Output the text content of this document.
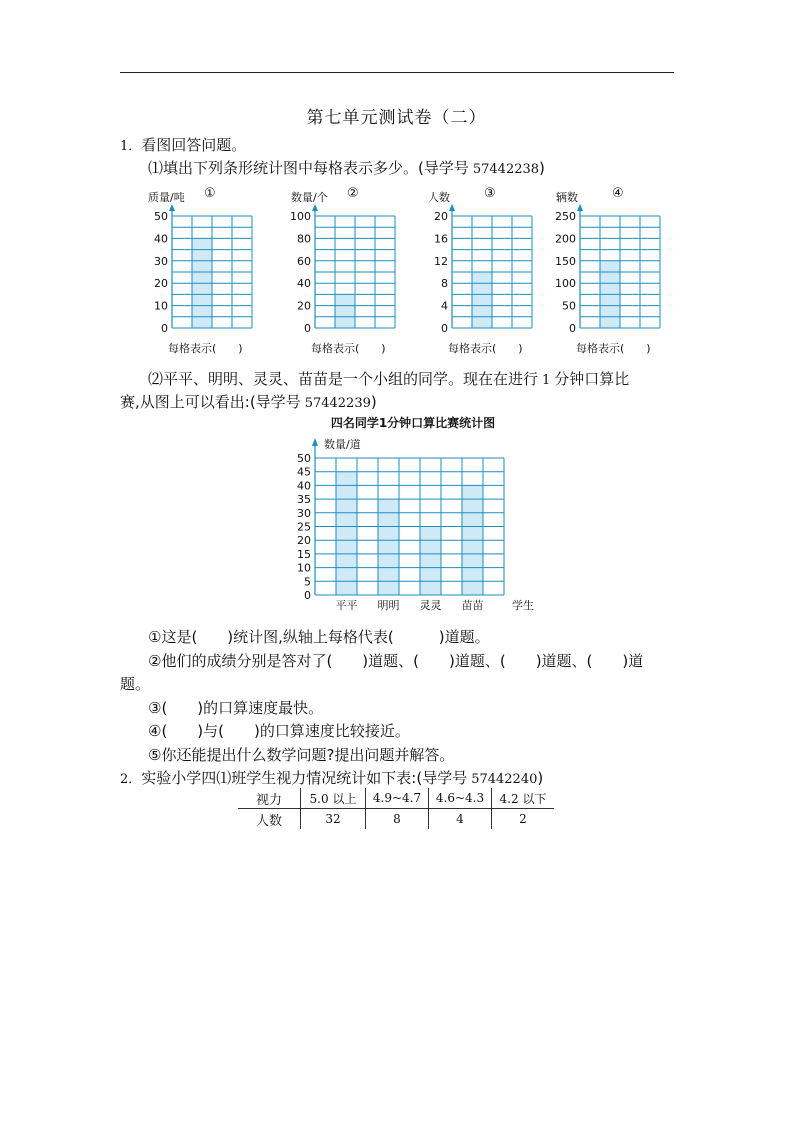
第七单元测试卷（二）
1．看图回答问题。
⑴填出下列条形统计图中每格表示多少。(导学号 57442238)
0
10
20
30
40
50
质量/吨 ①
每格表示(　　)
0
20
40
60
80
100
数量/个 ②
每格表示(　　)
0
4
8
12
16
20
人数	③
每格表示(　　)
0
50
100
150
200
250
辆数	④
每格表示(　　)
⑵平平、明明、灵灵、苗苗是一个小组的同学。现在在进行 1 分钟口算比
赛,从图上可以看出:(导学号 57442239)
四名同学1分钟口算比赛统计图
数量/道
0
5
10
15
20
25
30
35
40
45
50
平平 明明 灵灵 苗苗	学生
①这是(　　)统计图,纵轴上每格代表(　　　)道题。
②他们的成绩分别是答对了(　　)道题、(　　)道题、(　　)道题、(　　)道
题。
③(　　)的口算速度最快。
④(　　)与(　　)的口算速度比较接近。
⑤你还能提出什么数学问题?提出问题并解答。
2．实验小学四⑴班学生视力情况统计如下表:(导学号 57442240)
视力	5.0 以上	4.9~4.7	4.6~4.3	4.2 以下
人数	32	8	4	2
